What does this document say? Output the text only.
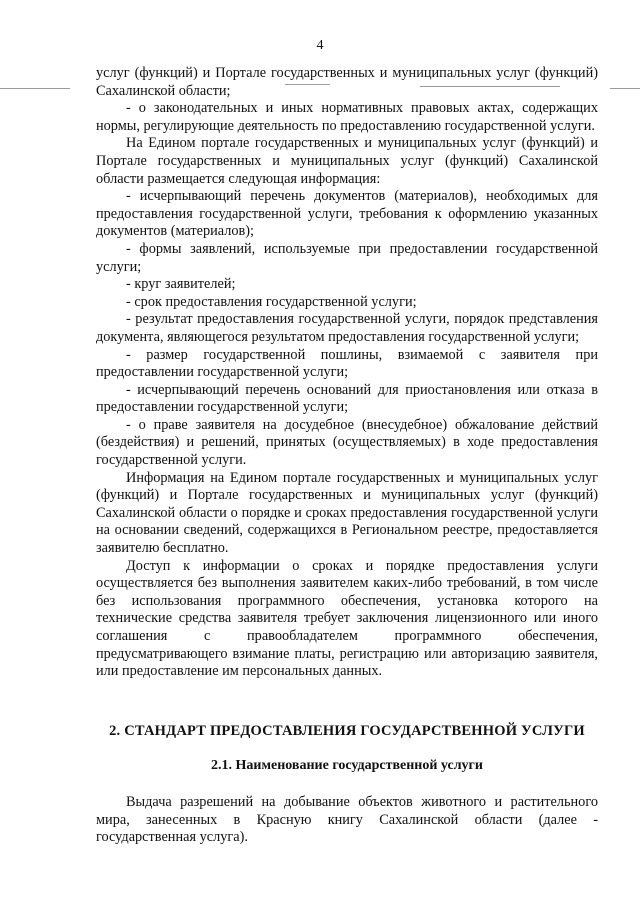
4

услуг (функций) и Портале государственных и муниципальных услуг (функций) Сахалинской области;

- о законодательных и иных нормативных правовых актах, содержащих нормы, регулирующие деятельность по предоставлению государственной услуги.

На Едином портале государственных и муниципальных услуг (функций) и Портале государственных и муниципальных услуг (функций) Сахалинской области размещается следующая информация:

- исчерпывающий перечень документов (материалов), необходимых для предоставления государственной услуги, требования к оформлению указанных документов (материалов);

- формы заявлений, используемые при предоставлении государственной услуги;

- круг заявителей;

- срок предоставления государственной услуги;

- результат предоставления государственной услуги, порядок представления документа, являющегося результатом предоставления государственной услуги;

- размер государственной пошлины, взимаемой с заявителя при предоставлении государственной услуги;

- исчерпывающий перечень оснований для приостановления или отказа в предоставлении государственной услуги;

- о праве заявителя на досудебное (внесудебное) обжалование действий (бездействия) и решений, принятых (осуществляемых) в ходе предоставления государственной услуги.

Информация на Едином портале государственных и муниципальных услуг (функций) и Портале государственных и муниципальных услуг (функций) Сахалинской области о порядке и сроках предоставления государственной услуги на основании сведений, содержащихся в Региональном реестре, предоставляется заявителю бесплатно.

Доступ к информации о сроках и порядке предоставления услуги осуществляется без выполнения заявителем каких-либо требований, в том числе без использования программного обеспечения, установка которого на технические средства заявителя требует заключения лицензионного или иного соглашения с правообладателем программного обеспечения, предусматривающего взимание платы, регистрацию или авторизацию заявителя, или предоставление им персональных данных.

2. СТАНДАРТ ПРЕДОСТАВЛЕНИЯ ГОСУДАРСТВЕННОЙ УСЛУГИ
2.1. Наименование государственной услуги

Выдача разрешений на добывание объектов животного и растительного мира, занесенных в Красную книгу Сахалинской области (далее - государственная услуга).
